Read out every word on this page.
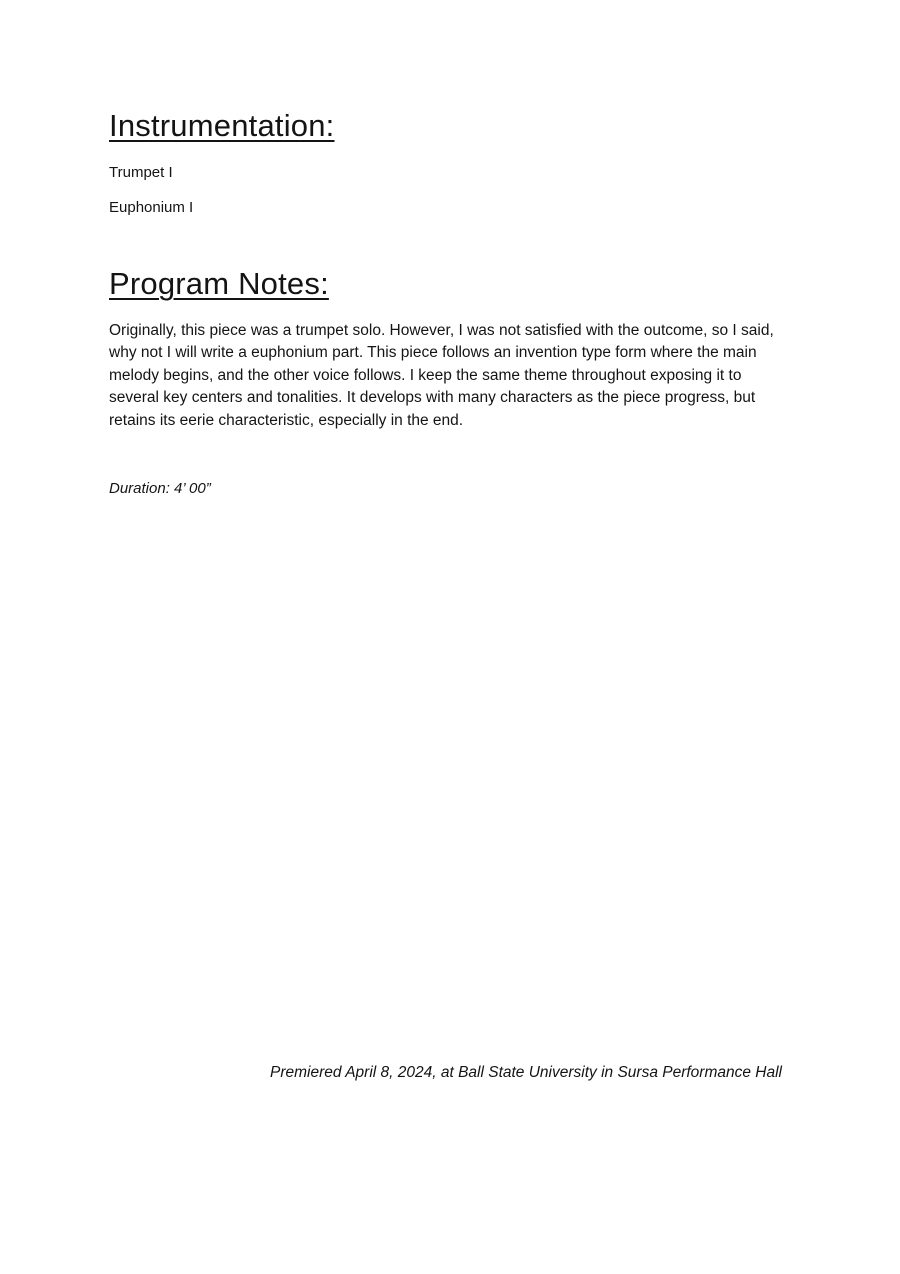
Instrumentation:
Trumpet I
Euphonium I
Program Notes:

Originally, this piece was a trumpet solo. However, I was not satisfied with the outcome, so I said, why not I will write a euphonium part. This piece follows an invention type form where the main melody begins, and the other voice follows. I keep the same theme throughout exposing it to several key centers and tonalities. It develops with many characters as the piece progress, but retains its eerie characteristic, especially in the end.

Duration: 4’ 00”

Premiered April 8, 2024, at Ball State University in Sursa Performance Hall
